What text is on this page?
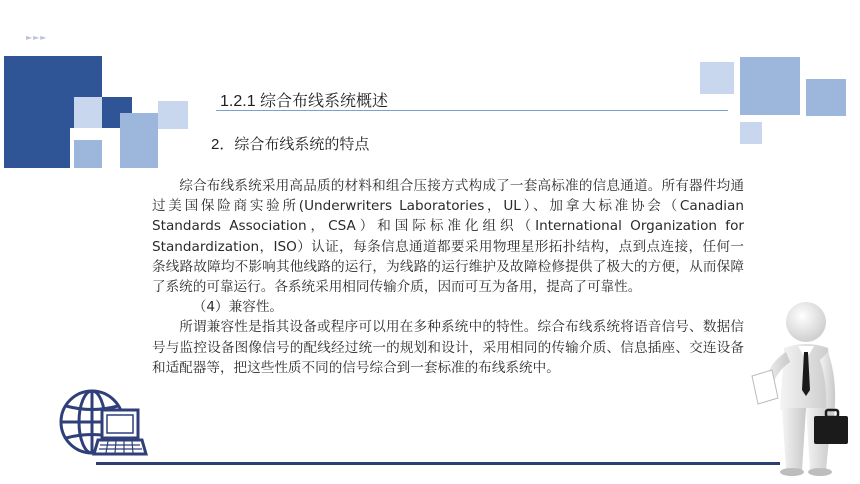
►►►
1.2.1 综合布线系统概述
2．综合布线系统的特点

综合布线系统采用高品质的材料和组合压接方式构成了一套高标准的信息通道。所有器件均通过美国保险商实验所(Underwriters Laboratories，UL）、加拿大标准协会（Canadian Standards Association，CSA）和国际标准化组织（International Organization for Standardization，ISO）认证，每条信息通道都要采用物理星形拓扑结构，点到点连接，任何一条线路故障均不影响其他线路的运行，为线路的运行维护及故障检修提供了极大的方便，从而保障了系统的可靠运行。各系统采用相同传输介质，因而可互为备用，提高了可靠性。

（4）兼容性。

所谓兼容性是指其设备或程序可以用在多种系统中的特性。综合布线系统将语音信号、数据信号与监控设备图像信号的配线经过统一的规划和设计，采用相同的传输介质、信息插座、交连设备和适配器等，把这些性质不同的信号综合到一套标准的布线系统中。
